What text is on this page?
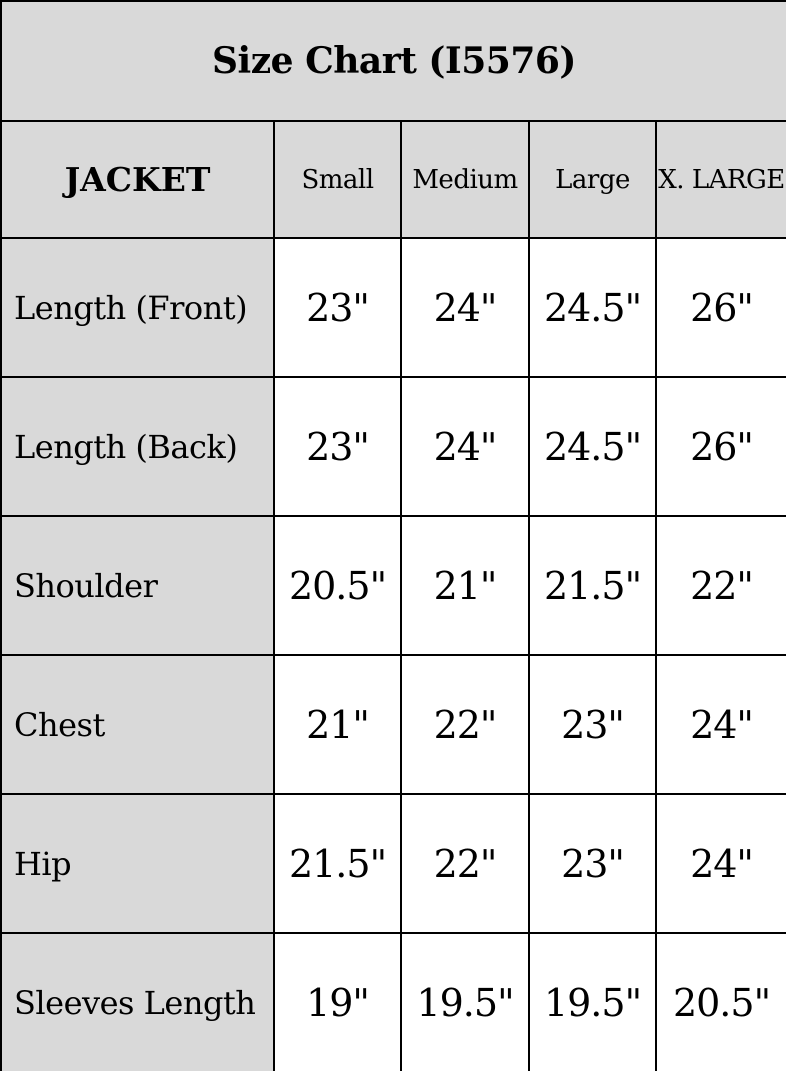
Size Chart (I5576)				
JACKET	Small	Medium	Large	X. LARGE
Length (Front)	23"	24"	24.5"	26"
Length (Back)	23"	24"	24.5"	26"
Shoulder	20.5"	21"	21.5"	22"
Chest	21"	22"	23"	24"
Hip	21.5"	22"	23"	24"
Sleeves Length	19"	19.5"	19.5"	20.5"
